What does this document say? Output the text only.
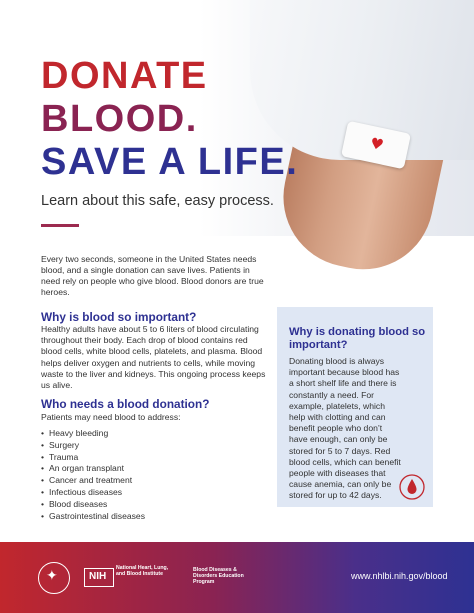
♥
DONATE
BLOOD.
SAVE A LIFE.

Learn about this safe, easy process.

Every two seconds, someone in the United States needs blood, and a single donation can save lives. Patients in need rely on people who give blood. Blood donors are true heroes.

Why is blood so important?

Healthy adults have about 5 to 6 liters of blood circulating throughout their body. Each drop of blood contains red blood cells, white blood cells, platelets, and plasma. Blood helps deliver oxygen and nutrients to cells, while moving waste to the liver and kidneys. This ongoing process keeps us alive.

Who needs a blood donation?

Patients may need blood to address:

• Heavy bleeding
• Surgery
• Trauma
• An organ transplant
• Cancer and treatment
• Infectious diseases
• Blood diseases
• Gastrointestinal diseases
Why is donating blood so important?

Donating blood is always important because blood has a short shelf life and there is constantly a need. For example, platelets, which help with clotting and can benefit people who don’t have enough, can only be stored for 5 to 7 days. Red blood cells, which can benefit people with diseases that cause anemia, can only be stored for up to 42 days.

✦	NIH

National Heart, Lung, and Blood Institute

Blood Diseases & Disorders Education Program

www.nhlbi.nih.gov/blood
